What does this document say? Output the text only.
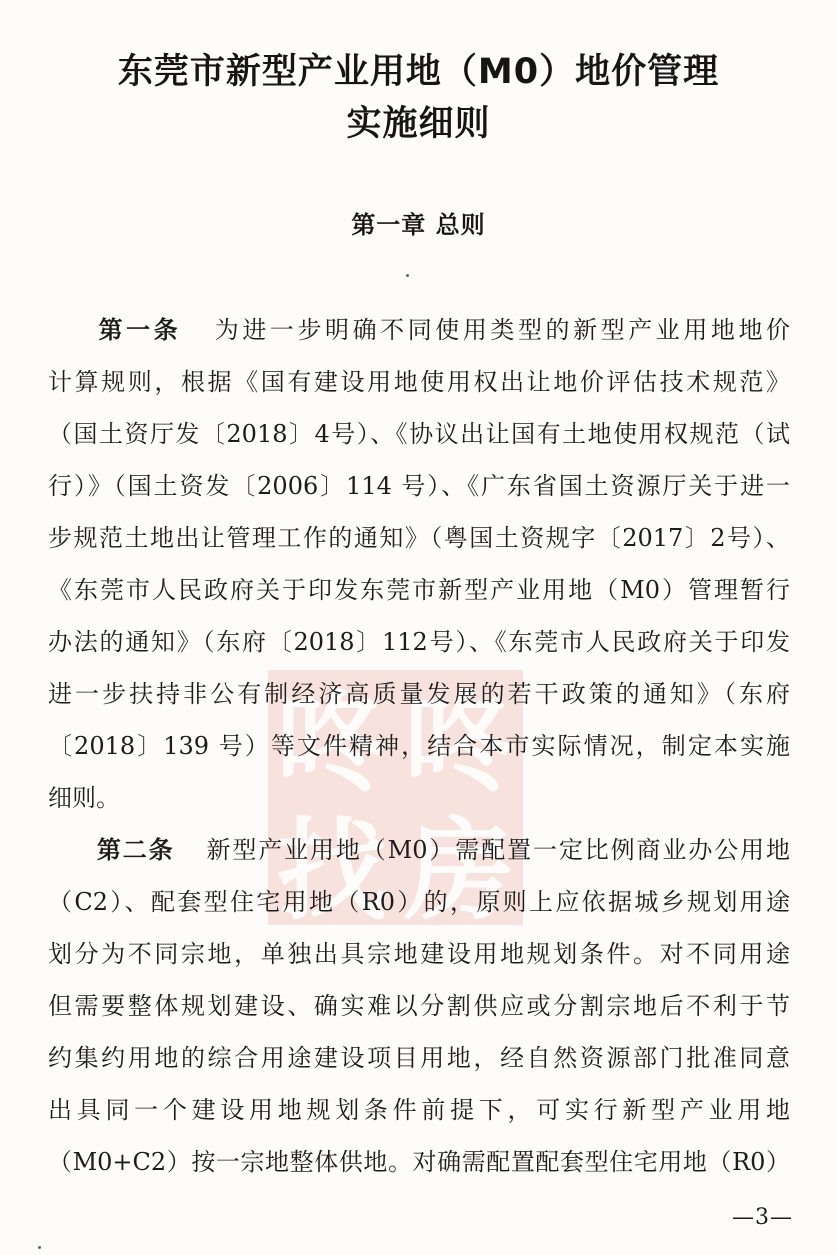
东莞市新型产业用地（M0）地价管理
实施细则
第一章 总则
咚 咚
找 房
第一条 为进一步明确不同使用类型的新型产业用地地价
计算规则，根据《国有建设用地使用权出让地价评估技术规范》
（国土资厅发〔2018〕4号）、《协议出让国有土地使用权规范（试
行）》（国土资发〔2006〕114 号）、《广东省国土资源厅关于进一
步规范土地出让管理工作的通知》（粤国土资规字〔2017〕2号）、
《东莞市人民政府关于印发东莞市新型产业用地（M0）管理暂行
办法的通知》（东府〔2018〕112号）、《东莞市人民政府关于印发
进一步扶持非公有制经济高质量发展的若干政策的通知》（东府
〔2018〕139 号）等文件精神，结合本市实际情况，制定本实施
细则。
第二条 新型产业用地（M0）需配置一定比例商业办公用地
（C2）、配套型住宅用地（R0）的，原则上应依据城乡规划用途
划分为不同宗地，单独出具宗地建设用地规划条件。对不同用途
但需要整体规划建设、确实难以分割供应或分割宗地后不利于节
约集约用地的综合用途建设项目用地，经自然资源部门批准同意
出具同一个建设用地规划条件前提下，可实行新型产业用地
（M0+C2）按一宗地整体供地。对确需配置配套型住宅用地（R0）
—3—
